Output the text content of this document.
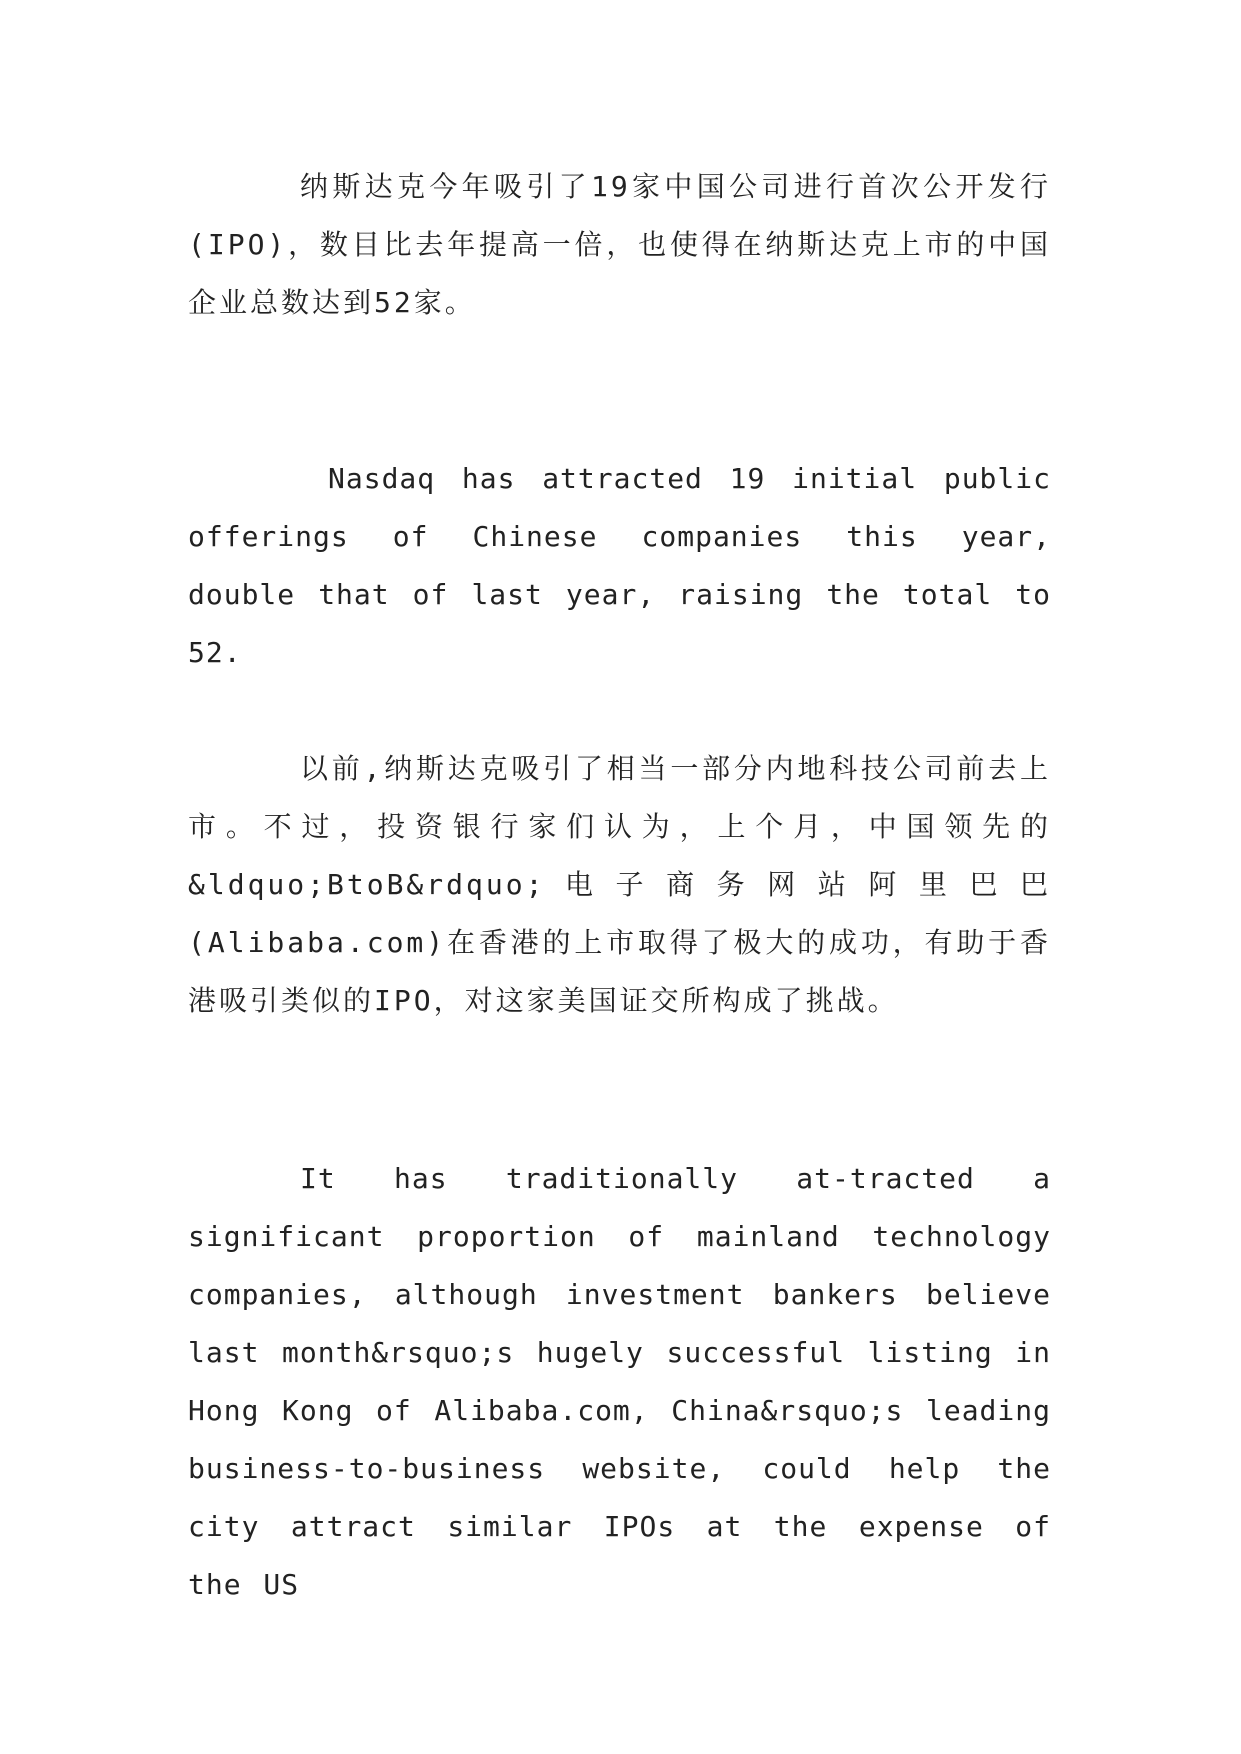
纳斯达克今年吸引了19家中国公司进行首次公开发行(IPO)，数目比去年提高一倍，也使得在纳斯达克上市的中国企业总数达到52家。

Nasdaq has attracted 19 initial public offerings of Chinese companies this year, double that of last year, raising the total to 52.

以前,纳斯达克吸引了相当一部分内地科技公司前去上市。不过，投资银行家们认为，上个月，中国领先的&ldquo;BtoB&rdquo;电子商务网站阿里巴巴(Alibaba.com)在香港的上市取得了极大的成功，有助于香港吸引类似的IPO，对这家美国证交所构成了挑战。

It has traditionally at-tracted a significant proportion of mainland technology companies, although investment bankers believe last month&rsquo;s hugely successful listing in Hong Kong of Alibaba.com, China&rsquo;s leading business-to-business website, could help the city attract similar IPOs at the expense of the US
